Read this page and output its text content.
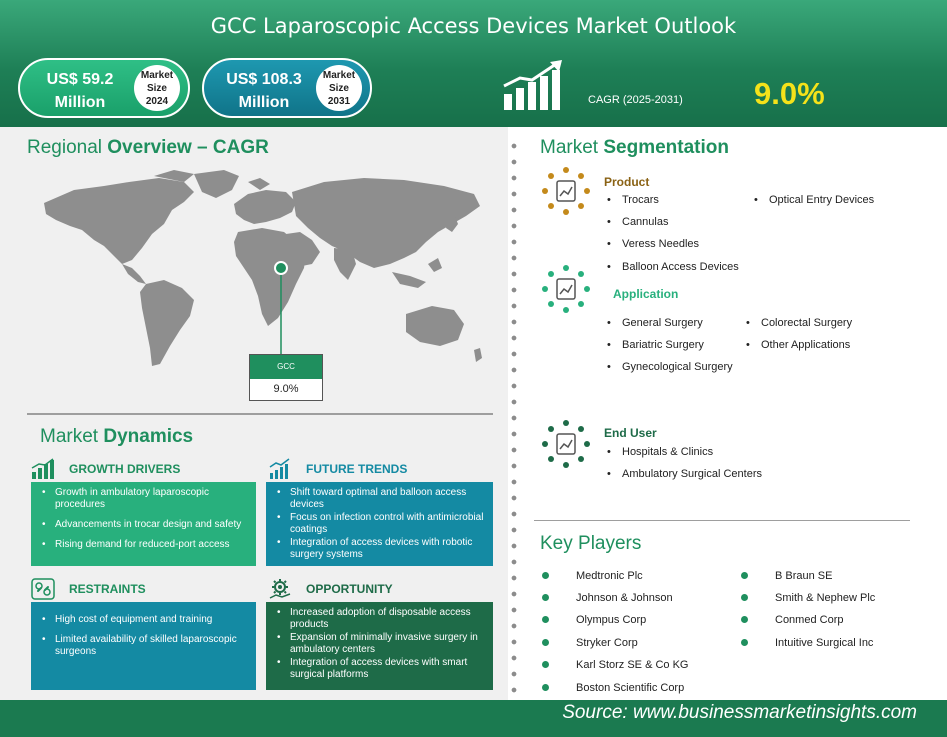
GCC Laparoscopic Access Devices Market Outlook
US$ 59.2
Million
Market
Size
2024
US$ 108.3
Million
Market
Size
2031	CAGR (2025-2031) 9.0%
Regional Overview – CAGR
GCC
9.0%
Market Dynamics
GROWTH DRIVERS
• Growth in ambulatory laparoscopic procedures
• Advancements in trocar design and safety
• Rising demand for reduced-port access
FUTURE TRENDS
• Shift toward optimal and balloon access devices
• Focus on infection control with antimicrobial coatings
• Integration of access devices with robotic surgery systems
RESTRAINTS
• High cost of equipment and training
• Limited availability of skilled laparoscopic surgeons
OPPORTUNITY
• Increased adoption of disposable access products
• Expansion of minimally invasive surgery in ambulatory centers
• Integration of access devices with smart surgical platforms
Market Segmentation
Product
• Trocars
• Cannulas
• Veress Needles
• Balloon Access Devices
• Optical Entry Devices
Application
• General Surgery
• Bariatric Surgery
• Gynecological Surgery
• Colorectal Surgery
• Other Applications
End User
• Hospitals & Clinics
• Ambulatory Surgical Centers
Key Players
Medtronic Plc
Johnson & Johnson
Olympus Corp
Stryker Corp
Karl Storz SE & Co KG
Boston Scientific Corp
B Braun SE
Smith & Nephew Plc
Conmed Corp
Intuitive Surgical Inc
Source: www.businessmarketinsights.com
